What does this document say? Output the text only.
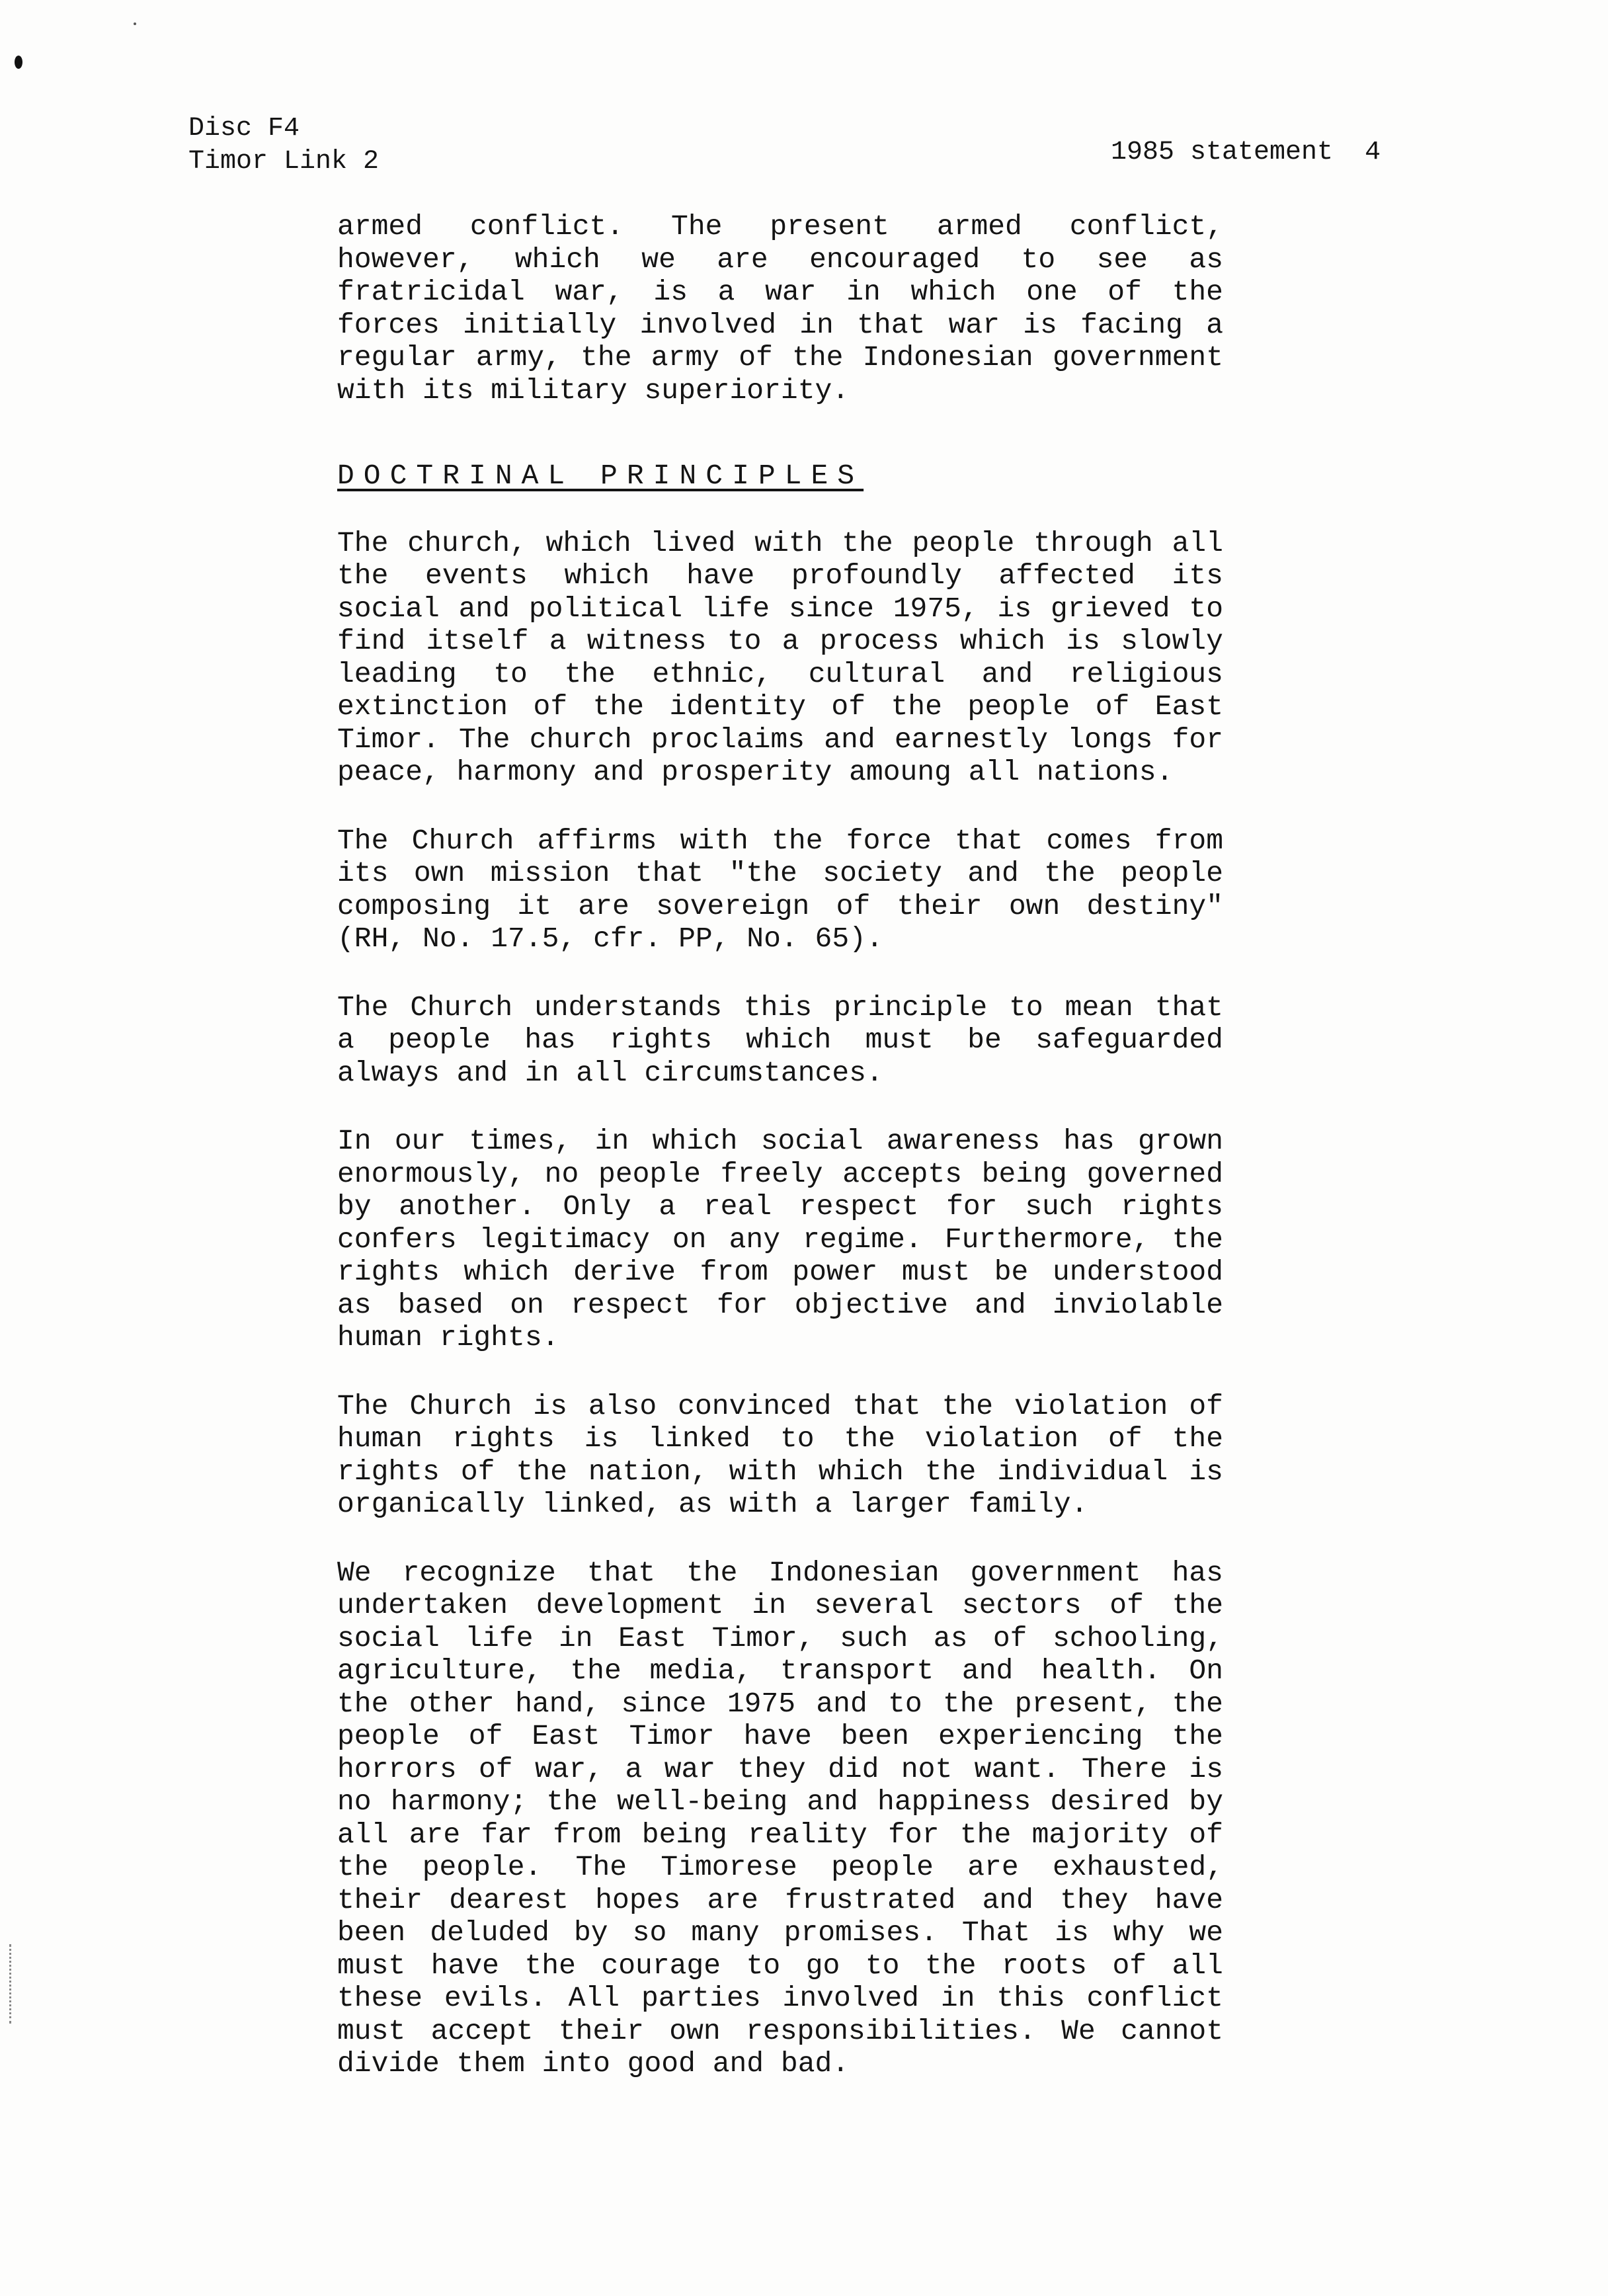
Disc F4
Timor Link 2	1985 statement  4

armed conflict. The present armed conflict, however, which we are encouraged to see as fratricidal war, is a war in which one of the forces initially involved in that war is facing a regular army, the army of the Indonesian government with its military superiority.

DOCTRINAL PRINCIPLES

The church, which lived with the people through all the events which have profoundly affected its social and political life since 1975, is grieved to find itself a witness to a process which is slowly leading to the ethnic, cultural and religious extinction of the identity of the people of East Timor. The church proclaims and earnestly longs for peace, harmony and prosperity amoung all nations.

The Church affirms with the force that comes from its own mission that "the society and the people composing it are sovereign of their own destiny" (RH, No. 17.5, cfr. PP, No. 65).

The Church understands this principle to mean that a people has rights which must be safeguarded always and in all circumstances.

In our times, in which social awareness has grown enormously, no people freely accepts being governed by another. Only a real respect for such rights confers legitimacy on any regime. Furthermore, the rights which derive from power must be understood as based on respect for objective and inviolable human rights.

The Church is also convinced that the violation of human rights is linked to the violation of the rights of the nation, with which the individual is organically linked, as with a larger family.

We recognize that the Indonesian government has undertaken development in several sectors of the social life in East Timor, such as of schooling, agriculture, the media, transport and health. On the other hand, since 1975 and to the present, the people of East Timor have been experiencing the horrors of war, a war they did not want. There is no harmony; the well-being and happiness desired by all are far from being reality for the majority of the people. The Timorese people are exhausted, their dearest hopes are frustrated and they have been deluded by so many promises. That is why we must have the courage to go to the roots of all these evils. All parties involved in this conflict must accept their own responsibilities. We cannot divide them into good and bad.
